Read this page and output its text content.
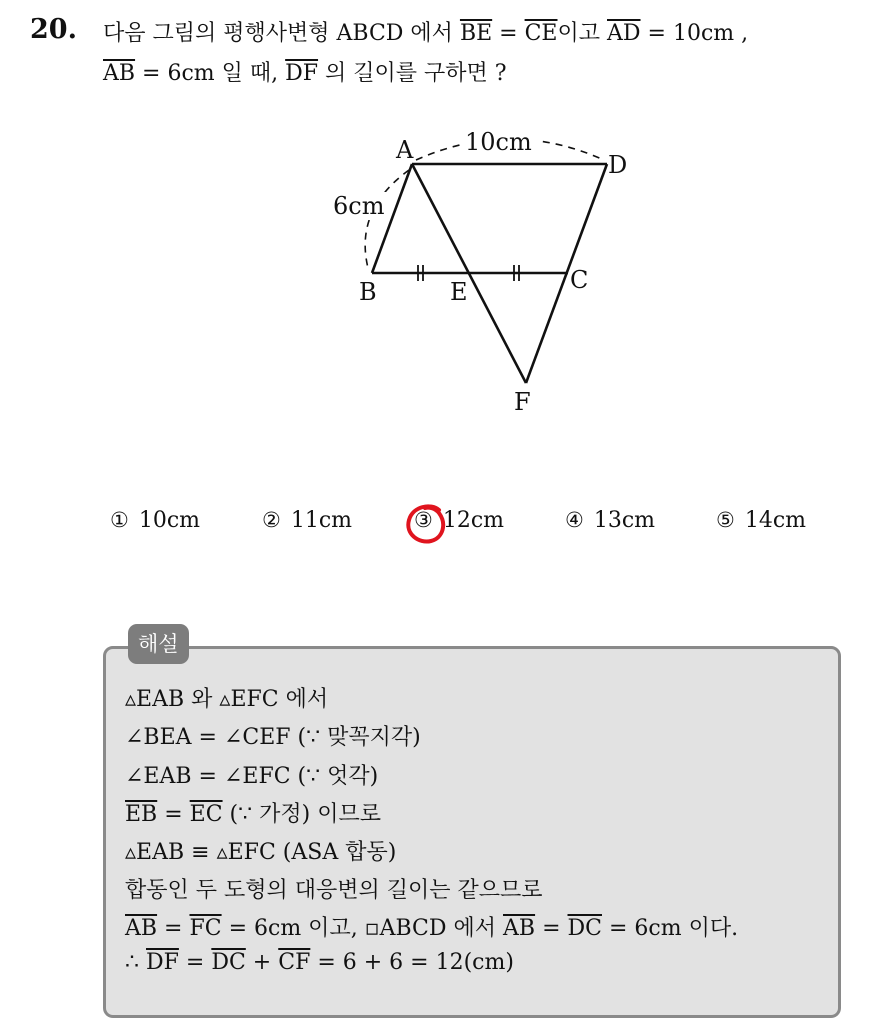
20. 다음 그림의 평행사변형 ABCD 에서 $\overline{BE} = \overline{CE}$이고 $\overline{AD} = 10cm$ ,
$\overline{AB} = 6cm$ 일 때, $\overline{DF}$ 의 길이를 구하면 ?
A
D
B	E	C
F
10cm
6cm
① 10cm	② 11cm	③ 12cm	④ 13cm	⑤ 14cm
해설
▵EAB 와 ▵EFC 에서
∠BEA = ∠CEF (∵ 맞꼭지각)
∠EAB = ∠EFC (∵ 엇각)
$\overline{EB} = \overline{EC}$ (∵ 가정) 이므로
▵EAB ≡ ▵EFC (ASA 합동)
합동인 두 도형의 대응변의 길이는 같으므로
$\overline{AB} = \overline{FC} = 6cm$ 이고, ▫ABCD 에서 $\overline{AB} = \overline{DC} = 6cm$ 이다.
∴ $\overline{DF} = \overline{DC} + \overline{CF} = 6 + 6 = 12(cm)$
